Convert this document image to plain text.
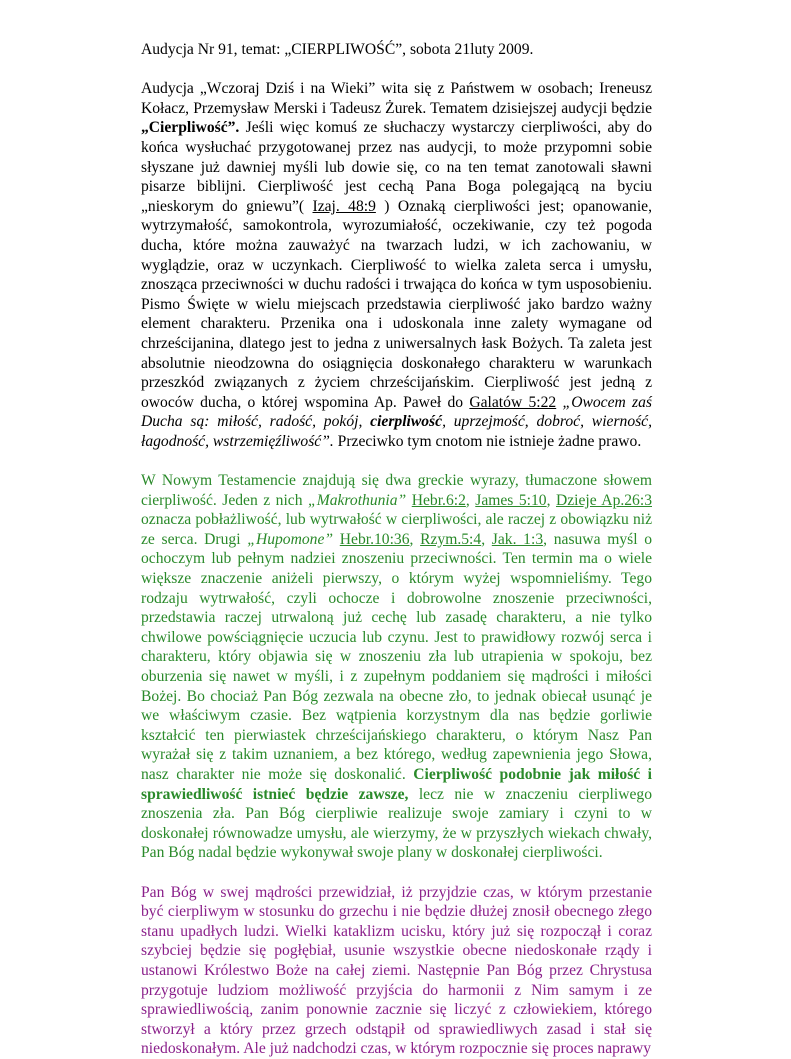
Audycja Nr 91, temat: „CIERPLIWOŚĆ”, sobota 21luty 2009.

Audycja „Wczoraj Dziś i na Wieki” wita się z Państwem w osobach; Ireneusz Kołacz, Przemysław Merski i Tadeusz Żurek. Tematem dzisiejszej audycji będzie „Cierpliwość”. Jeśli więc komuś ze słuchaczy wystarczy cierpliwości, aby do końca wysłuchać przygotowanej przez nas audycji, to może przypomni sobie słyszane już dawniej myśli lub dowie się, co na ten temat zanotowali sławni pisarze biblijni. Cierpliwość jest cechą Pana Boga polegającą na byciu „nieskorym do gniewu”( Izaj. 48:9 ) Oznaką cierpliwości jest; opanowanie, wytrzymałość, samokontrola, wyrozumiałość, oczekiwanie, czy też pogoda ducha, które można zauważyć na twarzach ludzi, w ich zachowaniu, w wyglądzie, oraz w uczynkach. Cierpliwość to wielka zaleta serca i umysłu, znosząca przeciwności w duchu radości i trwająca do końca w tym usposobieniu. Pismo Święte w wielu miejscach przedstawia cierpliwość jako bardzo ważny element charakteru. Przenika ona i udoskonala inne zalety wymagane od chrześcijanina, dlatego jest to jedna z uniwersalnych łask Bożych. Ta zaleta jest absolutnie nieodzowna do osiągnięcia doskonałego charakteru w warunkach przeszkód związanych z życiem chrześcijańskim. Cierpliwość jest jedną z owoców ducha, o której wspomina Ap. Paweł do Galatów 5:22 „Owocem zaś Ducha są: miłość, radość, pokój, cierpliwość, uprzejmość, dobroć, wierność, łagodność, wstrzemięźliwość”. Przeciwko tym cnotom nie istnieje żadne prawo.

W Nowym Testamencie znajdują się dwa greckie wyrazy, tłumaczone słowem cierpliwość. Jeden z nich „Makrothunia” Hebr.6:2, James 5:10, Dzieje Ap.26:3 oznacza pobłażliwość, lub wytrwałość w cierpliwości, ale raczej z obowiązku niż ze serca. Drugi „Hupomone” Hebr.10:36, Rzym.5:4, Jak. 1:3, nasuwa myśl o ochoczym lub pełnym nadziei znoszeniu przeciwności. Ten termin ma o wiele większe znaczenie aniżeli pierwszy, o którym wyżej wspomnieliśmy. Tego rodzaju wytrwałość, czyli ochocze i dobrowolne znoszenie przeciwności, przedstawia raczej utrwaloną już cechę lub zasadę charakteru, a nie tylko chwilowe powściągnięcie uczucia lub czynu. Jest to prawidłowy rozwój serca i charakteru, który objawia się w znoszeniu zła lub utrapienia w spokoju, bez oburzenia się nawet w myśli, i z zupełnym poddaniem się mądrości i miłości Bożej. Bo chociaż Pan Bóg zezwala na obecne zło, to jednak obiecał usunąć je we właściwym czasie. Bez wątpienia korzystnym dla nas będzie gorliwie kształcić ten pierwiastek chrześcijańskiego charakteru, o którym Nasz Pan wyrażał się z takim uznaniem, a bez którego, według zapewnienia jego Słowa, nasz charakter nie może się doskonalić. Cierpliwość podobnie jak miłość i sprawiedliwość istnieć będzie zawsze, lecz nie w znaczeniu cierpliwego znoszenia zła. Pan Bóg cierpliwie realizuje swoje zamiary i czyni to w doskonałej równowadze umysłu, ale wierzymy, że w przyszłych wiekach chwały, Pan Bóg nadal będzie wykonywał swoje plany w doskonałej cierpliwości.

Pan Bóg w swej mądrości przewidział, iż przyjdzie czas, w którym przestanie być cierpliwym w stosunku do grzechu i nie będzie dłużej znosił obecnego złego stanu upadłych ludzi. Wielki kataklizm ucisku, który już się rozpoczął i coraz szybciej będzie się pogłębiał, usunie wszystkie obecne niedoskonałe rządy i ustanowi Królestwo Boże na całej ziemi. Następnie Pan Bóg przez Chrystusa przygotuje ludziom możliwość przyjścia do harmonii z Nim samym i ze sprawiedliwością, zanim ponownie zacznie się liczyć z człowiekiem, którego stworzył a który przez grzech odstąpił od sprawiedliwych zasad i stał się niedoskonałym. Ale już nadchodzi czas, w którym rozpocznie się proces naprawy
